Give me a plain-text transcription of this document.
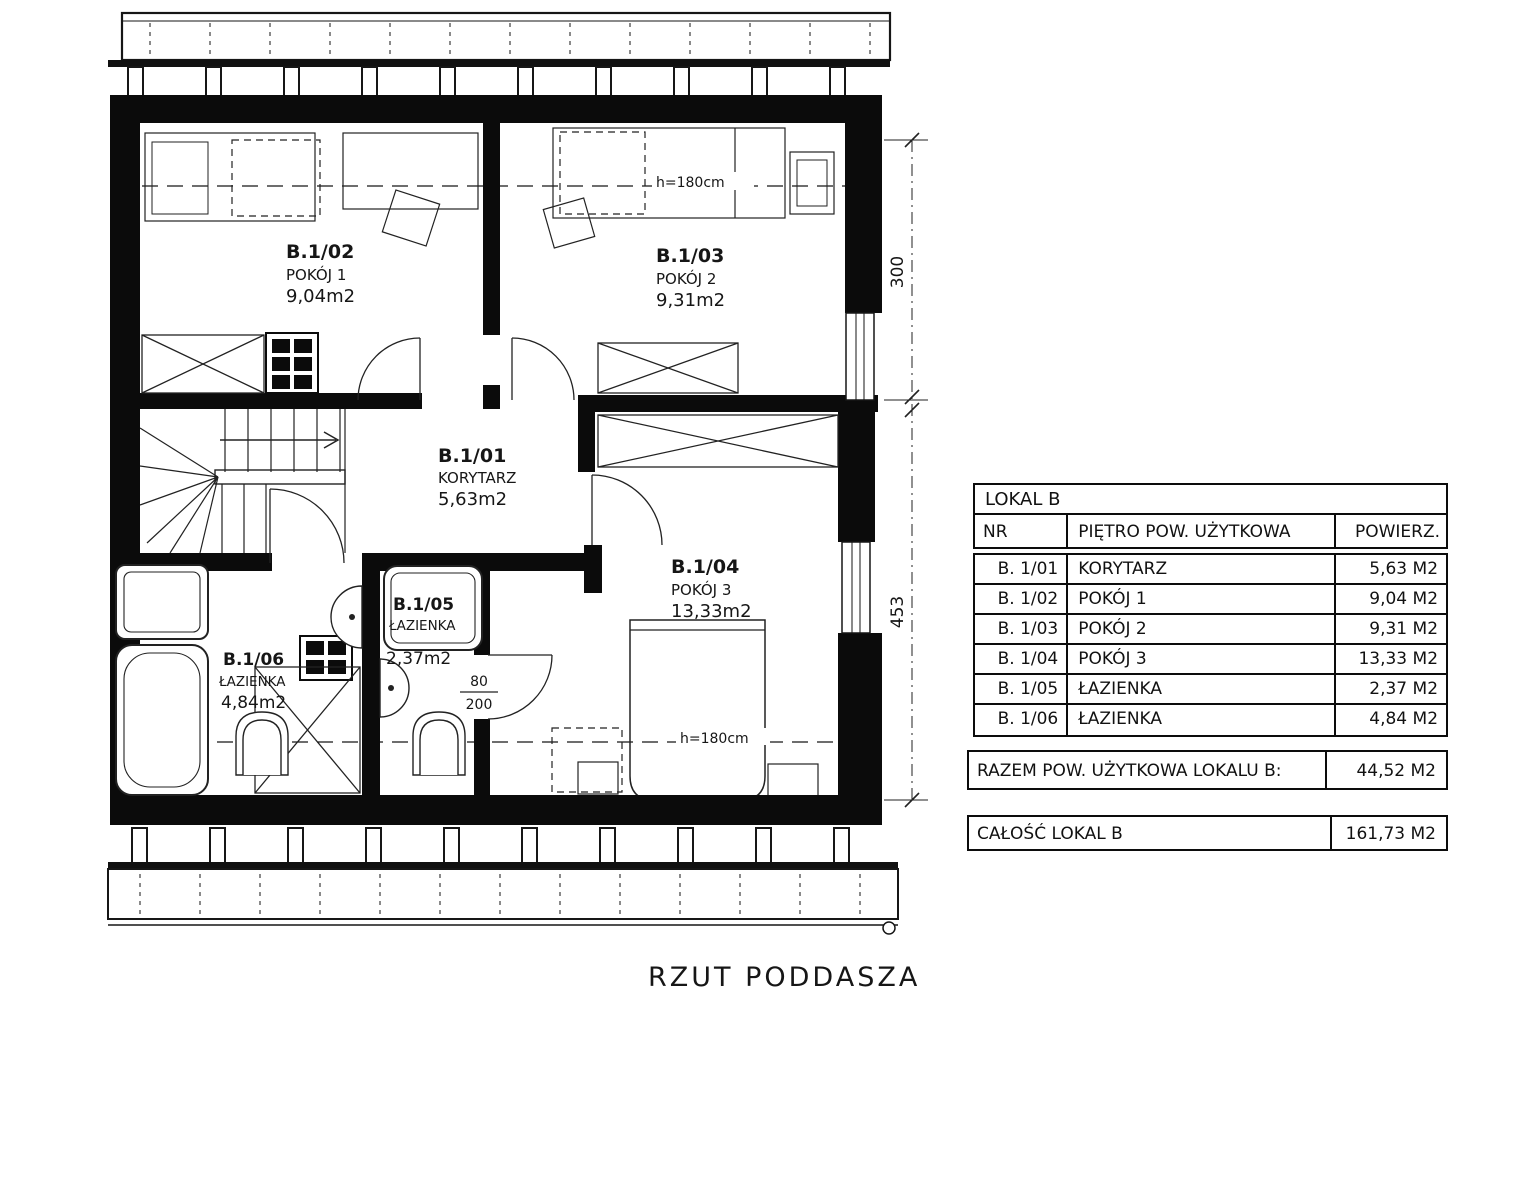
300
453
h=180cm
h=180cm
80
200
B.1/02
POKÓJ 1
9,04m2
B.1/03
POKÓJ 2
9,31m2
B.1/01
KORYTARZ
5,63m2
B.1/04
POKÓJ 3
13,33m2
B.1/05
ŁAZIENKA
2,37m2
B.1/06
ŁAZIENKA
4,84m2
LOKAL B
NR	PIĘTRO POW. UŻYTKOWA	POWIERZ.
B. 1/01	KORYTARZ	5,63 M2
B. 1/02	POKÓJ 1	9,04 M2
B. 1/03	POKÓJ 2	9,31 M2
B. 1/04	POKÓJ 3	13,33 M2
B. 1/05	ŁAZIENKA	2,37 M2
B. 1/06	ŁAZIENKA	4,84 M2
RAZEM POW. UŻYTKOWA LOKALU B:	44,52 M2
CAŁOŚĆ LOKAL B	161,73 M2
RZUT PODDASZA
